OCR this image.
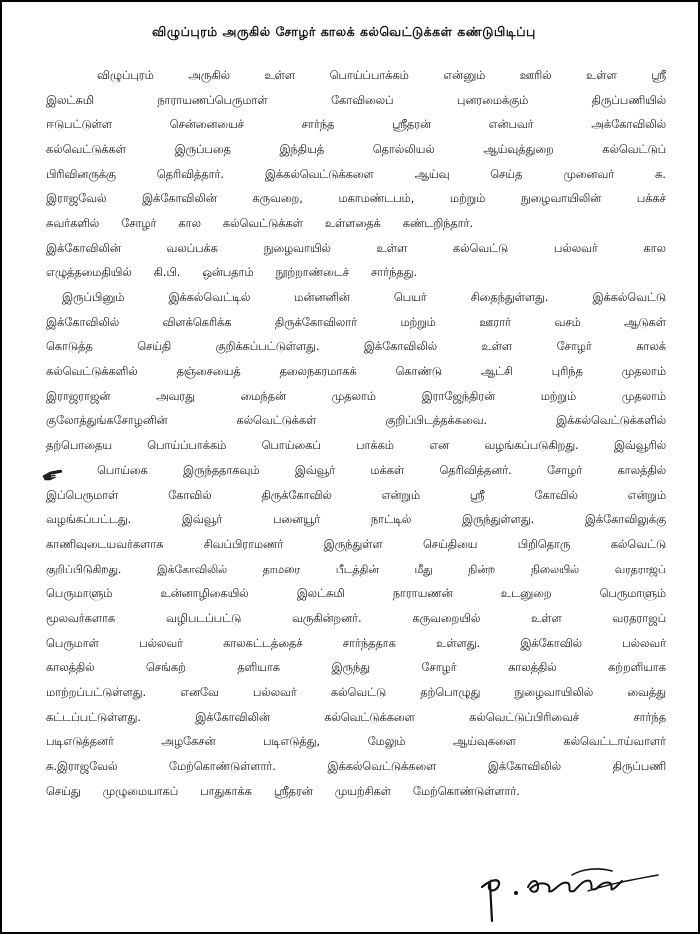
விழுப்புரம் அருகில் சோழர் காலக் கல்வெட்டுக்கள் கண்டுபிடிப்பு
விழுப்புரம்	அருகில்	உள்ள	பொய்ப்பாக்கம்	என்னும்	ஊரில்	உள்ள	ஸ்ரீ
இலட்சுமி	நாராயணப்பெருமாள்	கோவிலைப்	புனரமைக்கும்	திருப்பணியில்
ஈடுபட்டுள்ள	சென்னையைச்	சார்ந்த	ஸ்ரீதரன்	என்பவர்	அக்கோவிலில்
கல்வெட்டுக்கள்	இருப்பதை	இந்தியத்	தொல்லியல்	ஆய்வுத்துறை	கல்வெட்டுப்
பிரிவினருக்கு	தெரிவித்தார்.	இக்கல்வெட்டுக்களை	ஆய்வு	செய்த	முனைவர்	சு.
இராஜவேல்	இக்கோவிலின்	கருவறை,	மகாமண்டபம்,	மற்றும்	நுழைவாயிலின்	பக்கச்
சுவர்களில் சோழர் கால கல்வெட்டுக்கள் உள்ளதைக் கண்டறிந்தார்.
இக்கோவிலின்	வலப்பக்க	நுழைவாயில்	உள்ள	கல்வெட்டு	பல்லவர்	கால
எழுத்தமைதியில் கி.பி. ஒன்பதாம் நூற்றாண்டைச் சார்ந்தது.
இருப்பினும்	இக்கல்வெட்டில்	மன்னனின்	பெயர்	சிதைந்துள்ளது.	இக்கல்வெட்டு
இக்கோவிலில்	விளக்கெரிக்க	திருக்கோவிலார்	மற்றும்	ஊரார்	வசம்	ஆடுகள்
கொடுத்த	செய்தி	குறிக்கப்பட்டுள்ளது.	இக்கோவிலில்	உள்ள	சோழர்	காலக்
கல்வெட்டுக்களில்	தஞ்சையைத்	தலைநகரமாகக்	கொண்டு	ஆட்சி	புரிந்த	முதலாம்
இராஜராஜன்	அவரது	மைந்தன்	முதலாம்	இராஜேந்திரன்	மற்றும்	முதலாம்
குலோத்துங்கசோழனின்	கல்வெட்டுக்கள்	குறிப்பிடத்தக்கவை.	இக்கல்வெட்டுக்களில்
தற்பொதைய	பொய்ப்பாக்கம்	பொய்கைப்	பாக்கம்	என	வழங்கப்படுகிறது.	இவ்வூரில்
பொய்கை	இருந்ததாகவும்	இவ்வூர்	மக்கள்	தெரிவித்தனர்.	சோழர்	காலத்தில்
இப்பெருமாள்	கோவில்	திருக்கோவில்	என்றும்	ஸ்ரீ	கோவில்	என்றும்
வழங்கப்பட்டது.	இவ்வூர்	பனையூர்	நாட்டில்	இருந்துள்ளது.	இக்கோவிலுக்கு
காணிவுடையவர்களாக	சிவப்பிராமணர்	இருந்துள்ள	செய்தியை	பிறிதொரு	கல்வெட்டு
குறிப்பிடுகிறது.	இக்கோவிலில்	தாமரை	பீடத்தின்	மீது	நின்ற	நிலையில்	வரதராஜப்
பெருமாளும்	உன்னாழிகையில்	இலட்சுமி	நாராயணன்	உடனுறை	பெருமாளும்
மூலவர்களாக	வழிபடப்பட்டு	வருகின்றனர்.	கருவறையில்	உள்ள	வரதராஜப்
பெருமாள்	பல்லவர்	காலகட்டத்தைச்	சார்ந்ததாக	உள்ளது.	இக்கோவில்	பல்லவர்
காலத்தில்	செங்கற்	தளியாக	இருந்து	சோழர்	காலத்தில்	கற்றளியாக
மாற்றப்பட்டுள்ளது.	எனவே	பல்லவர்	கல்வெட்டு	தற்பொழுது	நுழைவாயிலில்	வைத்து
கட்டப்பட்டுள்ளது.	இக்கோவிலின்	கல்வெட்டுக்களை	கல்வெட்டுப்பிரிவைச்	சார்ந்த
படிஎடுத்தனர்	அழகேசன்	படிஎடுத்து,	மேலும்	ஆய்வுகளை	கல்வெட்டாய்வாளர்
சு.இராஜவேல்	மேற்கொண்டுள்ளார்.	இக்கல்வெட்டுக்களை	இக்கோவிலில்	திருப்பணி
செய்து முழுமையாகப் பாதுகாக்க ஸ்ரீதரன் முயற்சிகள் மேற்கொண்டுள்ளார்.
